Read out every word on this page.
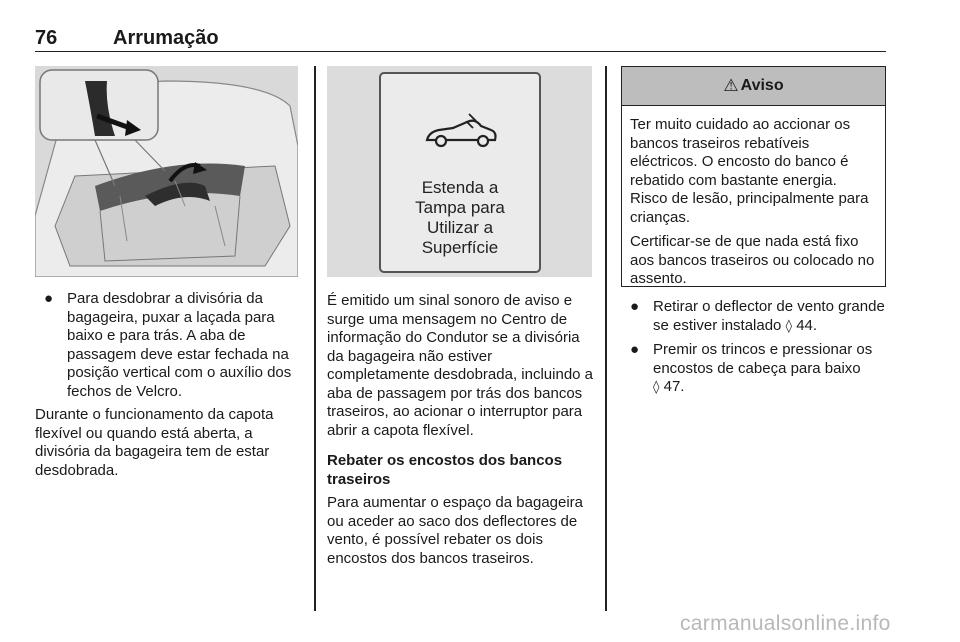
76	Arrumação
● Para desdobrar a divisória da bagageira, puxar a laçada para baixo e para trás. A aba de passagem deve estar fechada na posição vertical com o auxílio dos fechos de Velcro.

Durante o funcionamento da capota flexível ou quando está aberta, a divisória da bagageira tem de estar desdobrada.

Estenda a
Tampa para
Utilizar a
Superfície

É emitido um sinal sonoro de aviso e surge uma mensagem no Centro de informação do Condutor se a divisória da bagageira não estiver completamente desdobrada, incluindo a aba de passagem por trás dos bancos traseiros, ao acionar o interruptor para abrir a capota flexível.

Rebater os encostos dos bancos traseiros

Para aumentar o espaço da bagageira ou aceder ao saco dos deflectores de vento, é possível rebater os dois encostos dos bancos traseiros.

⚠ Aviso

Ter muito cuidado ao accionar os bancos traseiros rebatíveis eléctricos. O encosto do banco é rebatido com bastante energia. Risco de lesão, principalmente para crianças.

Certificar-se de que nada está fixo aos bancos traseiros ou colocado no assento.

● Retirar o deflector de vento grande se estiver instalado ◊ 44.
● Premir os trincos e pressionar os encostos de cabeça para baixo
◊ 47.
carmanualsonline.info
